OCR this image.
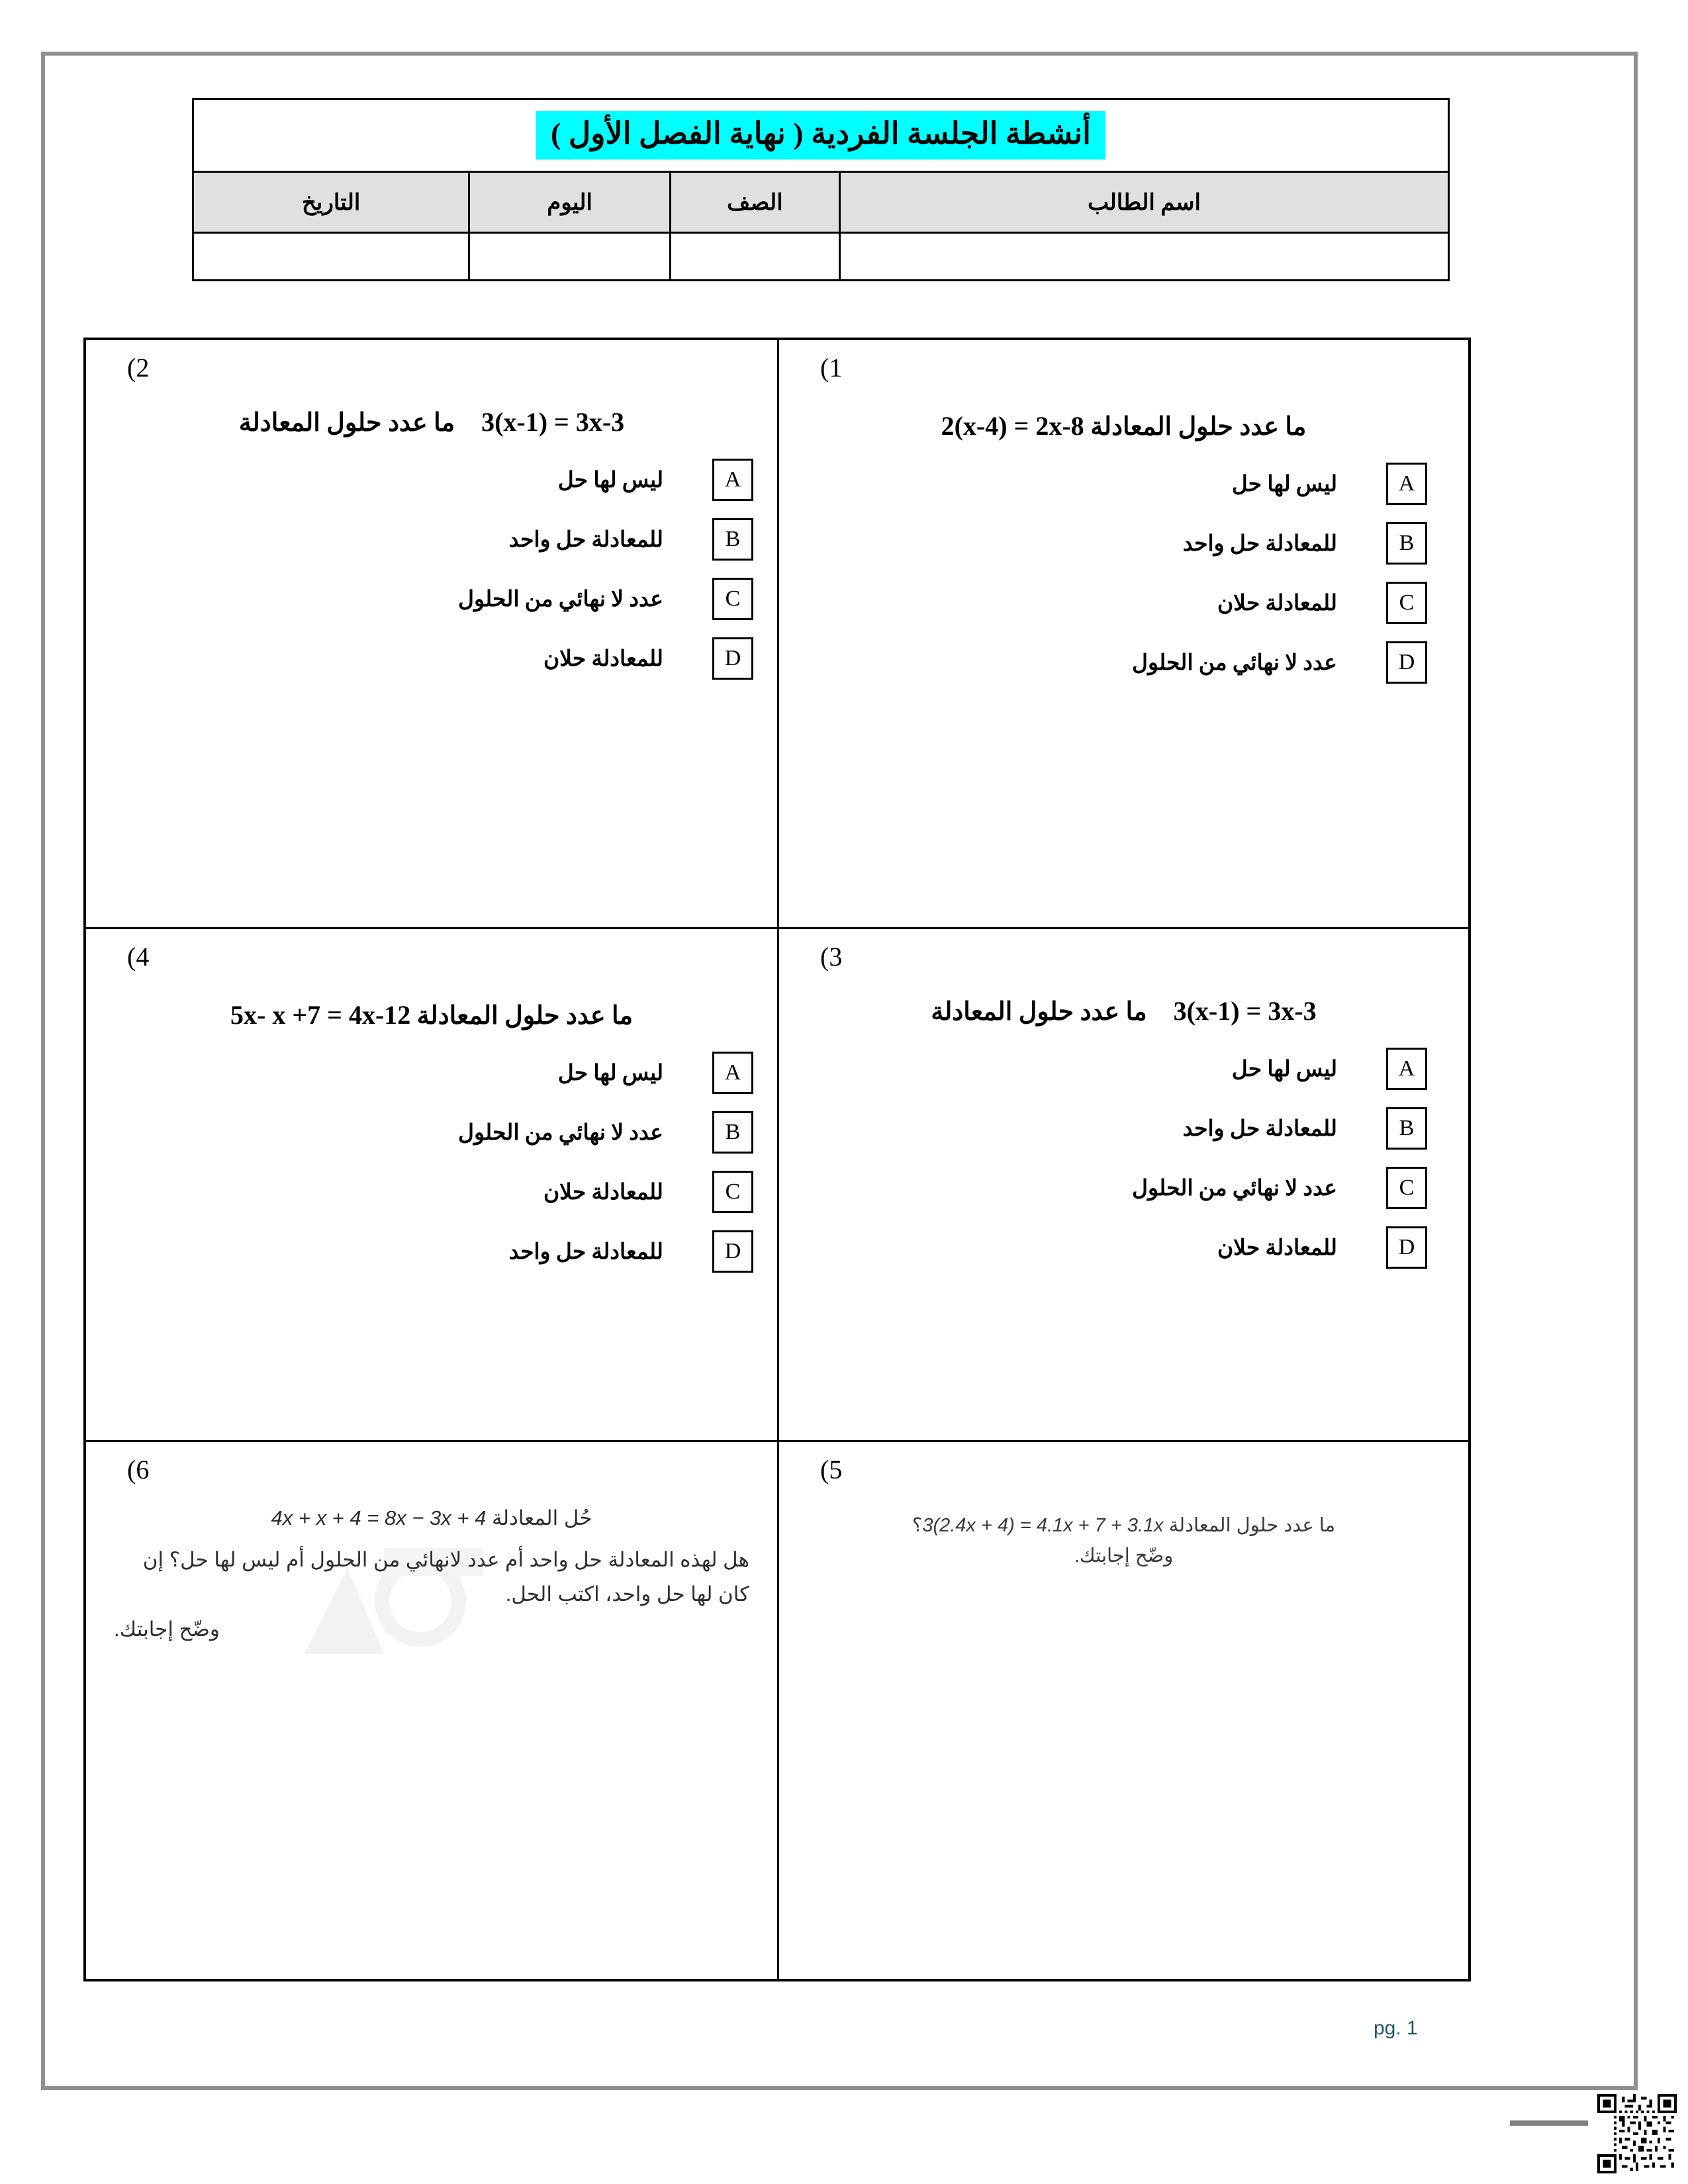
أنشطة الجلسة الفردية ( نهاية الفصل الأول )
اسم الطالب	الصف	اليوم	التاريخ

(1
ما عدد حلول المعادلة 2(x-4) = 2x-8
A
ليس لها حل
B
للمعادلة حل واحد
C
للمعادلة حلان
D
عدد لا نهائي من الحلول
(2
3(x-1) = 3x-3
ما عدد حلول المعادلة
A
ليس لها حل
B
للمعادلة حل واحد
C
عدد لا نهائي من الحلول
D
للمعادلة حلان
(3
3(x-1) = 3x-3
ما عدد حلول المعادلة
A
ليس لها حل
B
للمعادلة حل واحد
C
عدد لا نهائي من الحلول
D
للمعادلة حلان
(4
ما عدد حلول المعادلة 5x- x +7 = 4x-12
A
ليس لها حل
B
عدد لا نهائي من الحلول
C
للمعادلة حلان
D
للمعادلة حل واحد
(5
ما عدد حلول المعادلة 3(2.4x + 4) = 4.1x + 7 + 3.1x؟
وضّح إجابتك.
(6
حُل المعادلة 4x + x + 4 = 8x − 3x + 4
هل لهذه المعادلة حل واحد أم عدد لانهائي من الحلول أم ليس لها حل؟ إن كان لها حل واحد، اكتب الحل.
وضّح إجابتك.
pg. 1
